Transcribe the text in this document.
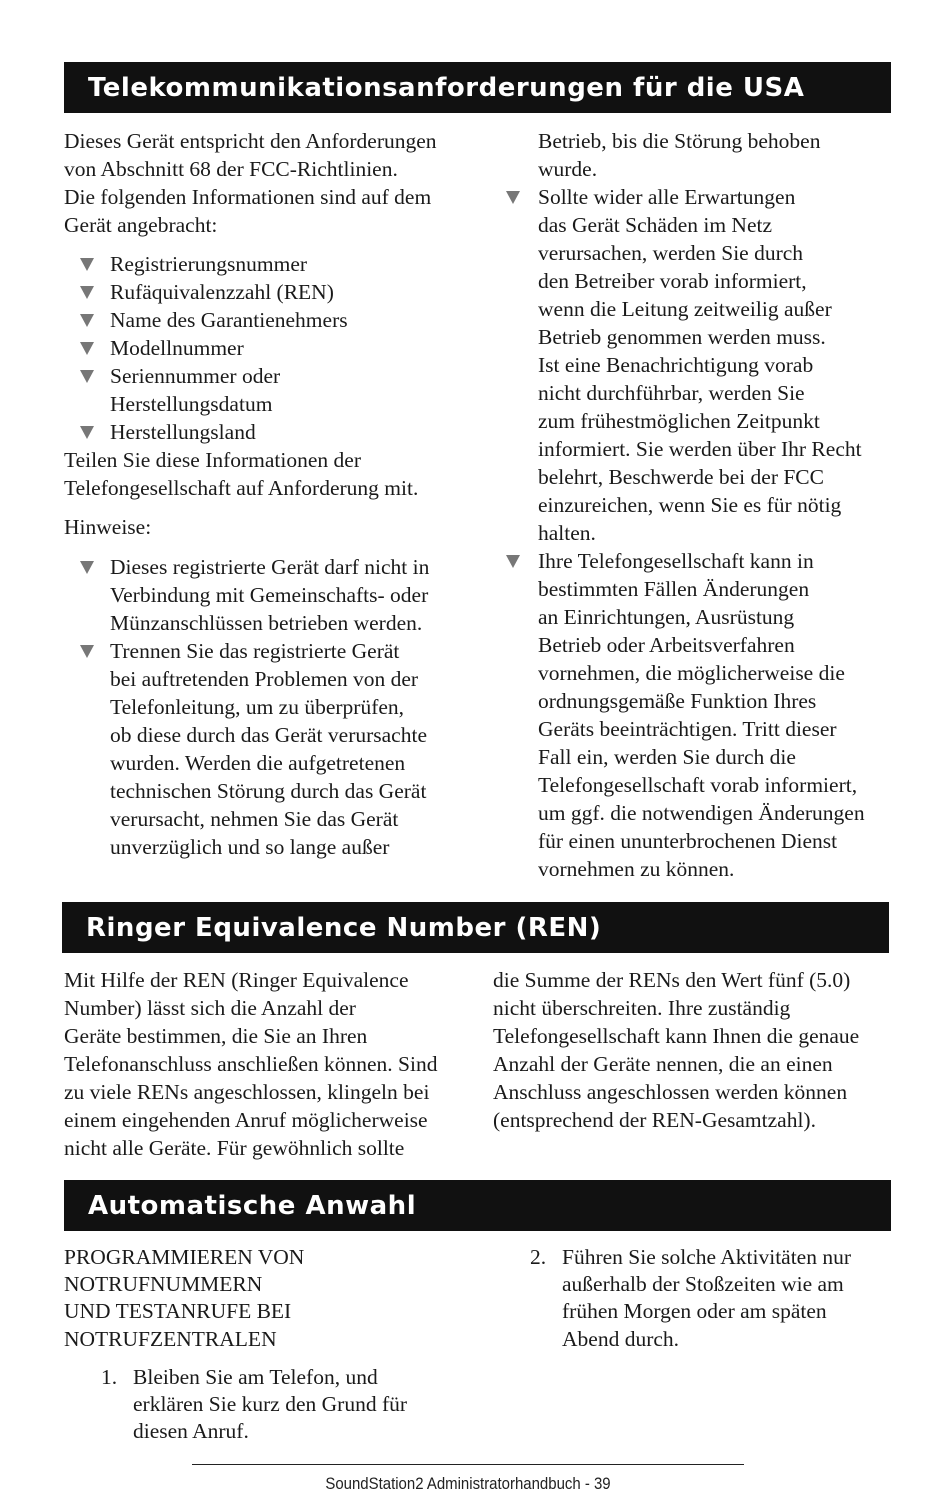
Telekommunikationsanforderungen für die USA

Dieses Gerät entspricht den Anforderungen
von Abschnitt 68 der FCC-Richtlinien.
Die folgenden Informationen sind auf dem
Gerät angebracht:

Registrierungsnummer
Rufäquivalenzzahl (REN)
Name des Garantienehmers
Modellnummer
Seriennummer oder
Herstellungsdatum
Herstellungsland

Teilen Sie diese Informationen der
Telefongesellschaft auf Anforderung mit.

Hinweise:

Dieses registrierte Gerät darf nicht in
Verbindung mit Gemeinschafts- oder
Münzanschlüssen betrieben werden.
Trennen Sie das registrierte Gerät
bei auftretenden Problemen von der
Telefonleitung, um zu überprüfen,
ob diese durch das Gerät verursachte
wurden. Werden die aufgetretenen
technischen Störung durch das Gerät
verursacht, nehmen Sie das Gerät
unverzüglich und so lange außer

Betrieb, bis die Störung behoben
wurde.

Sollte wider alle Erwartungen
das Gerät Schäden im Netz
verursachen, werden Sie durch
den Betreiber vorab informiert,
wenn die Leitung zeitweilig außer
Betrieb genommen werden muss.
Ist eine Benachrichtigung vorab
nicht durchführbar, werden Sie
zum frühestmöglichen Zeitpunkt
informiert. Sie werden über Ihr Recht
belehrt, Beschwerde bei der FCC
einzureichen, wenn Sie es für nötig
halten.
Ihre Telefongesellschaft kann in
bestimmten Fällen Änderungen
an Einrichtungen, Ausrüstung
Betrieb oder Arbeitsverfahren
vornehmen, die möglicherweise die
ordnungsgemäße Funktion Ihres
Geräts beeinträchtigen. Tritt dieser
Fall ein, werden Sie durch die
Telefongesellschaft vorab informiert,
um ggf. die notwendigen Änderungen
für einen ununterbrochenen Dienst
vornehmen zu können.
Ringer Equivalence Number (REN)

Mit Hilfe der REN (Ringer Equivalence
Number) lässt sich die Anzahl der
Geräte bestimmen, die Sie an Ihren
Telefonanschluss anschließen können. Sind
zu viele RENs angeschlossen, klingeln bei
einem eingehenden Anruf möglicherweise
nicht alle Geräte. Für gewöhnlich sollte

die Summe der RENs den Wert fünf (5.0)
nicht überschreiten. Ihre zuständig
Telefongesellschaft kann Ihnen die genaue
Anzahl der Geräte nennen, die an einen
Anschluss angeschlossen werden können
(entsprechend der REN-Gesamtzahl).

Automatische Anwahl

PROGRAMMIEREN VON
NOTRUFNUMMERN
UND TESTANRUFE BEI
NOTRUFZENTRALEN

1. Bleiben Sie am Telefon, und
erklären Sie kurz den Grund für
diesen Anruf.
2. Führen Sie solche Aktivitäten nur
außerhalb der Stoßzeiten wie am
frühen Morgen oder am späten
Abend durch.
SoundStation2 Administratorhandbuch - 39
